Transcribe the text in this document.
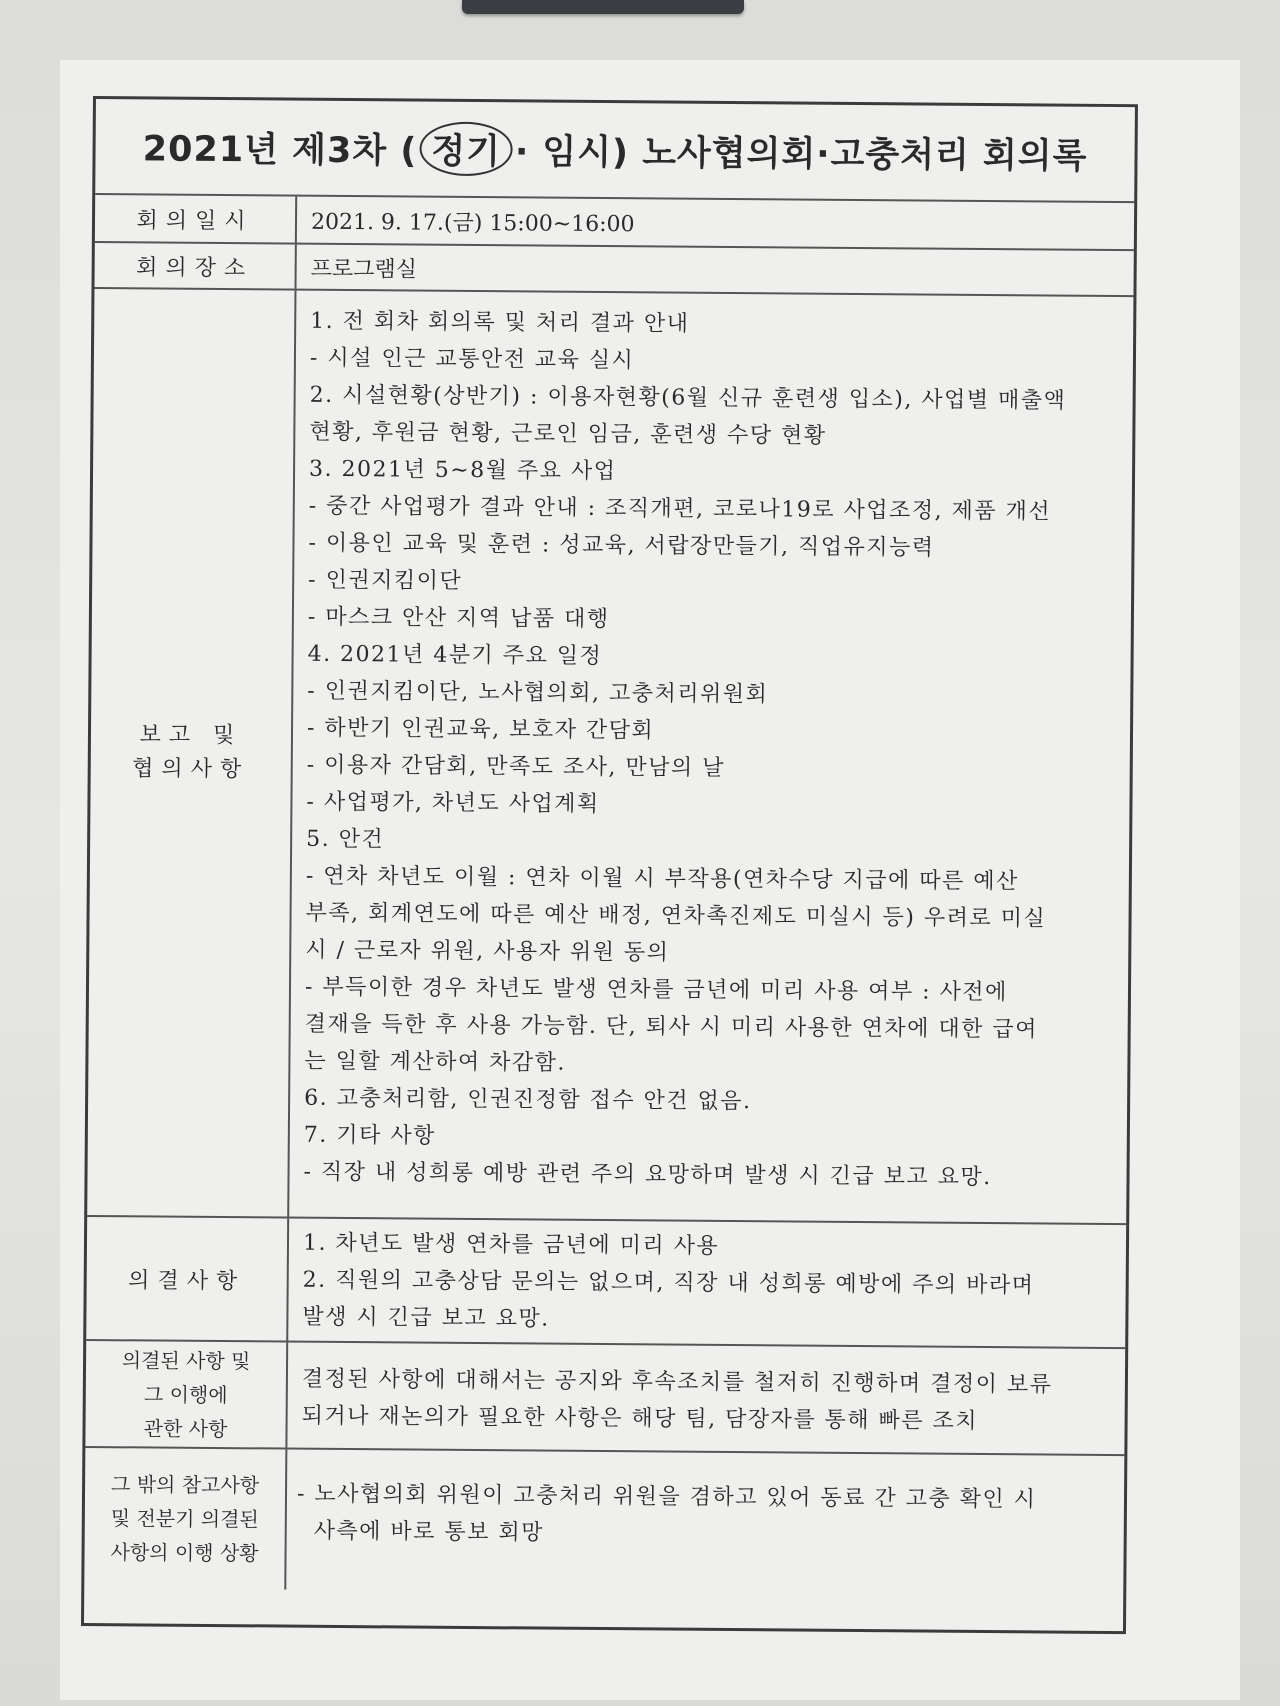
2021년 제3차 ( 정기 · 임시) 노사협의회·고충처리 회의록
회의일시	2021. 9. 17.(금) 15:00~16:00
회의장소	프로그램실
보고 및
협의사항
1. 전 회차 회의록 및 처리 결과 안내
- 시설 인근 교통안전 교육 실시
2. 시설현황(상반기) : 이용자현황(6월 신규 훈련생 입소), 사업별 매출액
현황, 후원금 현황, 근로인 임금, 훈련생 수당 현황
3. 2021년 5~8월 주요 사업
- 중간 사업평가 결과 안내 : 조직개편, 코로나19로 사업조정, 제품 개선
- 이용인 교육 및 훈련 : 성교육, 서랍장만들기, 직업유지능력
- 인권지킴이단
- 마스크 안산 지역 납품 대행
4. 2021년 4분기 주요 일정
- 인권지킴이단, 노사협의회, 고충처리위원회
- 하반기 인권교육, 보호자 간담회
- 이용자 간담회, 만족도 조사, 만남의 날
- 사업평가, 차년도 사업계획
5. 안건
- 연차 차년도 이월 : 연차 이월 시 부작용(연차수당 지급에 따른 예산
부족, 회계연도에 따른 예산 배정, 연차촉진제도 미실시 등) 우려로 미실
시 / 근로자 위원, 사용자 위원 동의
- 부득이한 경우 차년도 발생 연차를 금년에 미리 사용 여부 : 사전에
결재을 득한 후 사용 가능함. 단, 퇴사 시 미리 사용한 연차에 대한 급여
는 일할 계산하여 차감함.
6. 고충처리함, 인권진정함 접수 안건 없음.
7. 기타 사항
- 직장 내 성희롱 예방 관련 주의 요망하며 발생 시 긴급 보고 요망.
의결사항
1. 차년도 발생 연차를 금년에 미리 사용
2. 직원의 고충상담 문의는 없으며, 직장 내 성희롱 예방에 주의 바라며
발생 시 긴급 보고 요망.
의결된 사항 및
그 이행에
관한 사항
결정된 사항에 대해서는 공지와 후속조치를 철저히 진행하며 결정이 보류
되거나 재논의가 필요한 사항은 해당 팀, 담장자를 통해 빠른 조치
그 밖의 참고사항
및 전분기 의결된
사항의 이행 상황
- 노사협의회 위원이 고충처리 위원을 겸하고 있어 동료 간 고충 확인 시
사측에 바로 통보 회망
